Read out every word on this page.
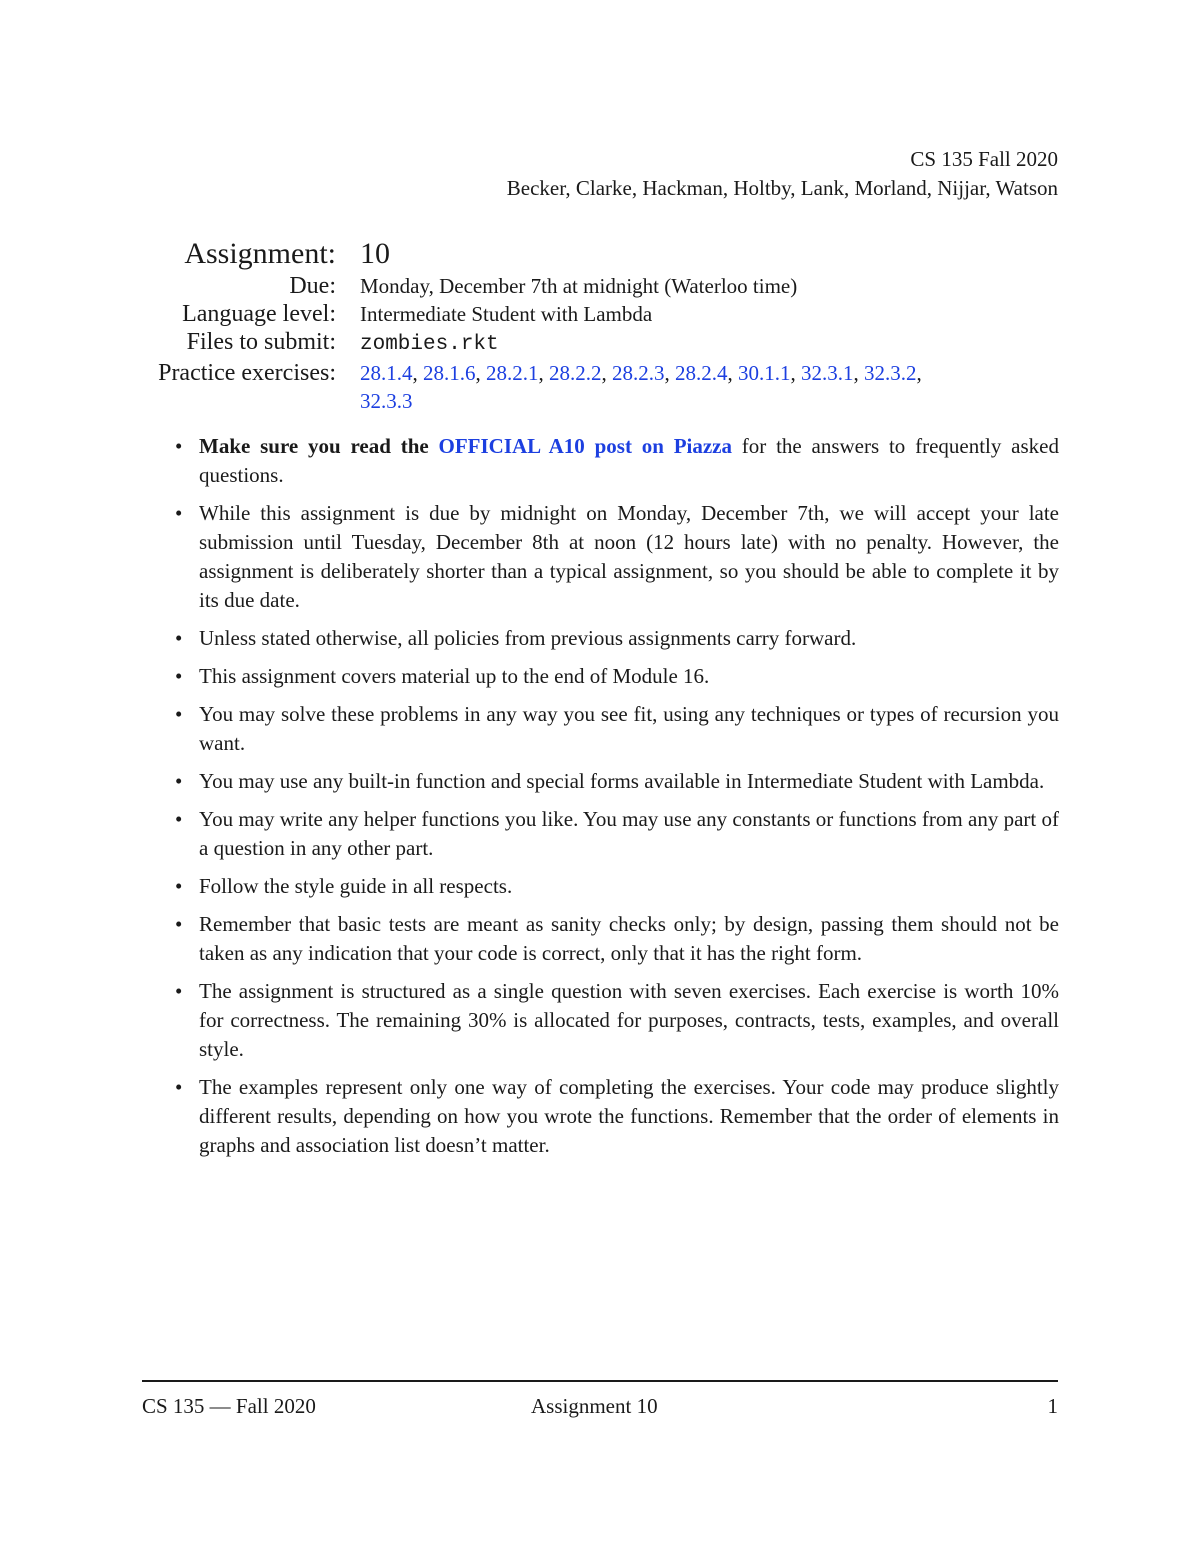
CS 135 Fall 2020
Becker, Clarke, Hackman, Holtby, Lank, Morland, Nijjar, Watson
Assignment: 10
Due:	Monday, December 7th at midnight (Waterloo time)
Language level:	Intermediate Student with Lambda
Files to submit:	zombies.rkt
Practice exercises:	28.1.4, 28.1.6, 28.2.1, 28.2.2, 28.2.3, 28.2.4, 30.1.1, 32.3.1, 32.3.2,
32.3.3
• Make sure you read the OFFICIAL A10 post on Piazza for the answers to frequently asked questions.
• While this assignment is due by midnight on Monday, December 7th, we will accept your late submission until Tuesday, December 8th at noon (12 hours late) with no penalty. However, the assignment is deliberately shorter than a typical assignment, so you should be able to complete it by its due date.
• Unless stated otherwise, all policies from previous assignments carry forward.
• This assignment covers material up to the end of Module 16.
• You may solve these problems in any way you see fit, using any techniques or types of recursion you want.
• You may use any built-in function and special forms available in Intermediate Student with Lambda.
• You may write any helper functions you like. You may use any constants or functions from any part of a question in any other part.
• Follow the style guide in all respects.
• Remember that basic tests are meant as sanity checks only; by design, passing them should not be taken as any indication that your code is correct, only that it has the right form.
• The assignment is structured as a single question with seven exercises. Each exercise is worth 10% for correctness. The remaining 30% is allocated for purposes, contracts, tests, examples, and overall style.
• The examples represent only one way of completing the exercises. Your code may produce slightly different results, depending on how you wrote the functions. Remember that the order of elements in graphs and association list doesn’t matter.
CS 135 — Fall 2020	Assignment 10	1
